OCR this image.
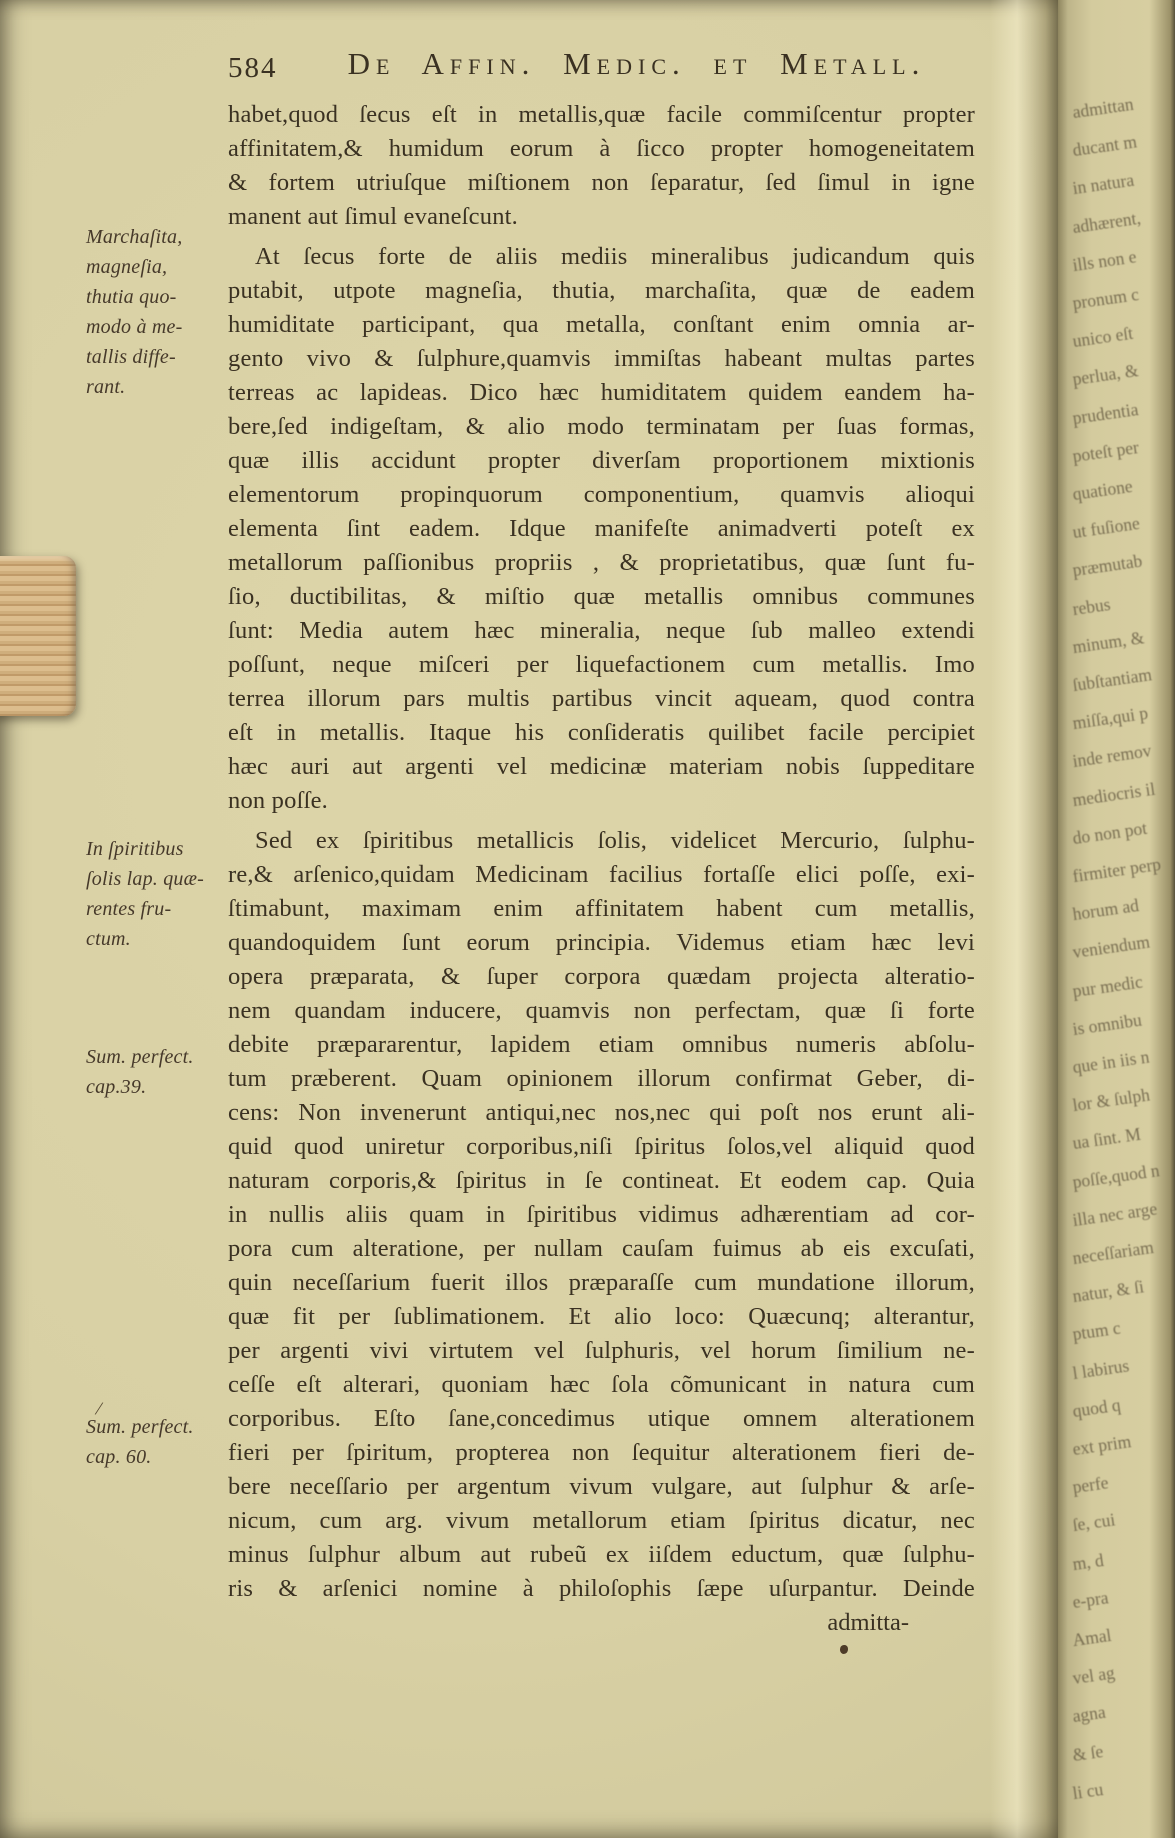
584	De Affin. Medic. et Metall.
habet,quod ſecus eſt in metallis,quæ facile commiſcentur propter
affinitatem,& humidum eorum à ſicco propter homogeneitatem
& fortem utriuſque miſtionem non ſeparatur, ſed ſimul in igne
manent aut ſimul evaneſcunt.
At ſecus forte de aliis mediis mineralibus judicandum quis
putabit, utpote magneſia, thutia, marchaſita, quæ de eadem
humiditate participant, qua metalla, conſtant enim omnia ar-
gento vivo & ſulphure,quamvis immiſtas habeant multas partes
terreas ac lapideas. Dico hæc humiditatem quidem eandem ha-
bere,ſed indigeſtam, & alio modo terminatam per ſuas formas,
quæ illis accidunt propter diverſam proportionem mixtionis
elementorum propinquorum componentium, quamvis alioqui
elementa ſint eadem. Idque manifeſte animadverti poteſt ex
metallorum paſſionibus propriis , & proprietatibus, quæ ſunt fu-
ſio, ductibilitas, & miſtio quæ metallis omnibus communes
ſunt: Media autem hæc mineralia, neque ſub malleo extendi
poſſunt, neque miſceri per liquefactionem cum metallis. Imo
terrea illorum pars multis partibus vincit aqueam, quod contra
eſt in metallis. Itaque his conſideratis quilibet facile percipiet
hæc auri aut argenti vel medicinæ materiam nobis ſuppeditare
non poſſe.
Sed ex ſpiritibus metallicis ſolis, videlicet Mercurio, ſulphu-
re,& arſenico,quidam Medicinam facilius fortaſſe elici poſſe, exi-
ſtimabunt, maximam enim affinitatem habent cum metallis,
quandoquidem ſunt eorum principia. Videmus etiam hæc levi
opera præparata, & ſuper corpora quædam projecta alteratio-
nem quandam inducere, quamvis non perfectam, quæ ſi forte
debite præpararentur, lapidem etiam omnibus numeris abſolu-
tum præberent. Quam opinionem illorum confirmat Geber, di-
cens: Non invenerunt antiqui,nec nos,nec qui poſt nos erunt ali-
quid quod uniretur corporibus,niſi ſpiritus ſolos,vel aliquid quod
naturam corporis,& ſpiritus in ſe contineat. Et eodem cap. Quia
in nullis aliis quam in ſpiritibus vidimus adhærentiam ad cor-
pora cum alteratione, per nullam cauſam fuimus ab eis excuſati,
quin neceſſarium fuerit illos præparaſſe cum mundatione illorum,
quæ fit per ſublimationem. Et alio loco: Quæcunq; alterantur,
per argenti vivi virtutem vel ſulphuris, vel horum ſimilium ne-
ceſſe eſt alterari, quoniam hæc ſola cõmunicant in natura cum
corporibus. Eſto ſane,concedimus utique omnem alterationem
fieri per ſpiritum, propterea non ſequitur alterationem fieri de-
bere neceſſario per argentum vivum vulgare, aut ſulphur & arſe-
nicum, cum arg. vivum metallorum etiam ſpiritus dicatur, nec
minus ſulphur album aut rubeũ ex iiſdem eductum, quæ ſulphu-
ris & arſenici nomine à philoſophis ſæpe uſurpantur. Deinde
admitta-
Marchaſita,
magneſia,
thutia quo-
modo à me-
tallis diffe-
rant.
In ſpiritibus
ſolis lap. quæ-
rentes fru-
ctum.
Sum. perfect.
cap.39.
Sum. perfect.
cap. 60.
/
admittan
ducant m
in natura
adhærent,
ills non e
pronum c
unico eſt
perlua, &
prudentia
poteſt per
quatione
ut fuſione
præmutab
rebus
minum, &
ſubſtantiam
miſſa,qui p
inde remov
mediocris il
do non pot
firmiter perp
horum ad
veniendum
pur medic
is omnibu
que in iis n
lor & ſulph
ua ſint. M
poſſe,quod n
illa nec arge
neceſſariam
natur, & ſi
ptum c
l labirus
quod q
ext prim
perfe
ſe, cui
m, d
e-pra
Amal
vel ag
agna
& ſe
li cu
